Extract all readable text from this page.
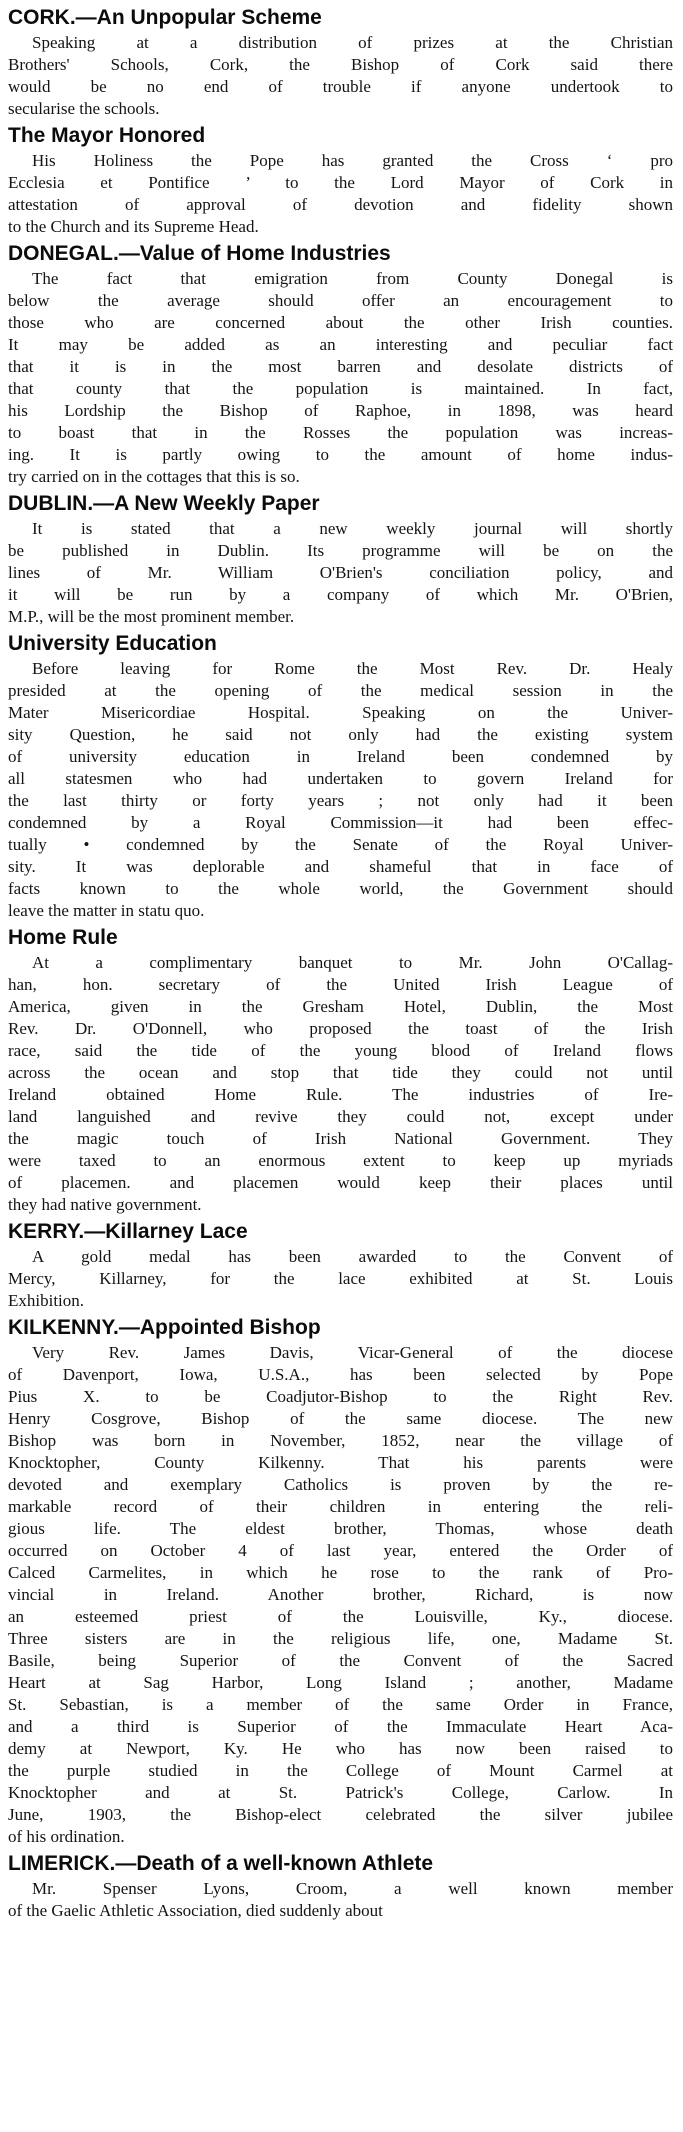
CORK.—An Unpopular Scheme
Speaking at a distribution of prizes at the Christian
Brothers' Schools, Cork, the Bishop of Cork said there
would be no end of trouble if anyone undertook to
secularise the schools.
The Mayor Honored
His Holiness the Pope has granted the Cross ‘ pro
Ecclesia et Pontifice ’ to the Lord Mayor of Cork in
attestation of approval of devotion and fidelity shown
to the Church and its Supreme Head.
DONEGAL.—Value of Home Industries
The fact that emigration from County Donegal is
below the average should offer an encouragement to
those who are concerned about the other Irish counties.
It may be added as an interesting and peculiar fact
that it is in the most barren and desolate districts of
that county that the population is maintained. In fact,
his Lordship the Bishop of Raphoe, in 1898, was heard
to boast that in the Rosses the population was increas-
ing. It is partly owing to the amount of home indus-
try carried on in the cottages that this is so.
DUBLIN.—A New Weekly Paper
It is stated that a new weekly journal will shortly
be published in Dublin. Its programme will be on the
lines of Mr. William O'Brien's conciliation policy, and
it will be run by a company of which Mr. O'Brien,
M.P., will be the most prominent member.
University Education
Before leaving for Rome the Most Rev. Dr. Healy
presided at the opening of the medical session in the
Mater Misericordiae Hospital. Speaking on the Univer-
sity Question, he said not only had the existing system
of university education in Ireland been condemned by
all statesmen who had undertaken to govern Ireland for
the last thirty or forty years ; not only had it been
condemned by a Royal Commission—it had been effec-
tually • condemned by the Senate of the Royal Univer-
sity. It was deplorable and shameful that in face of
facts known to the whole world, the Government should
leave the matter in statu quo.
Home Rule
At a complimentary banquet to Mr. John O'Callag-
han, hon. secretary of the United Irish League of
America, given in the Gresham Hotel, Dublin, the Most
Rev. Dr. O'Donnell, who proposed the toast of the Irish
race, said the tide of the young blood of Ireland flows
across the ocean and stop that tide they could not until
Ireland obtained Home Rule. The industries of Ire-
land languished and revive they could not, except under
the magic touch of Irish National Government. They
were taxed to an enormous extent to keep up myriads
of placemen. and placemen would keep their places until
they had native government.
KERRY.—Killarney Lace
A gold medal has been awarded to the Convent of
Mercy, Killarney, for the lace exhibited at St. Louis
Exhibition.
KILKENNY.—Appointed Bishop
Very Rev. James Davis, Vicar-General of the diocese
of Davenport, Iowa, U.S.A., has been selected by Pope
Pius X. to be Coadjutor-Bishop to the Right Rev.
Henry Cosgrove, Bishop of the same diocese. The new
Bishop was born in November, 1852, near the village of
Knocktopher, County Kilkenny. That his parents were
devoted and exemplary Catholics is proven by the re-
markable record of their children in entering the reli-
gious life. The eldest brother, Thomas, whose death
occurred on October 4 of last year, entered the Order of
Calced Carmelites, in which he rose to the rank of Pro-
vincial in Ireland. Another brother, Richard, is now
an esteemed priest of the Louisville, Ky., diocese.
Three sisters are in the religious life, one, Madame St.
Basile, being Superior of the Convent of the Sacred
Heart at Sag Harbor, Long Island ; another, Madame
St. Sebastian, is a member of the same Order in France,
and a third is Superior of the Immaculate Heart Aca-
demy at Newport, Ky. He who has now been raised to
the purple studied in the College of Mount Carmel at
Knocktopher and at St. Patrick's College, Carlow. In
June, 1903, the Bishop-elect celebrated the silver jubilee
of his ordination.
LIMERICK.—Death of a well-known Athlete
Mr. Spenser Lyons, Croom, a well known member
of the Gaelic Athletic Association, died suddenly about
